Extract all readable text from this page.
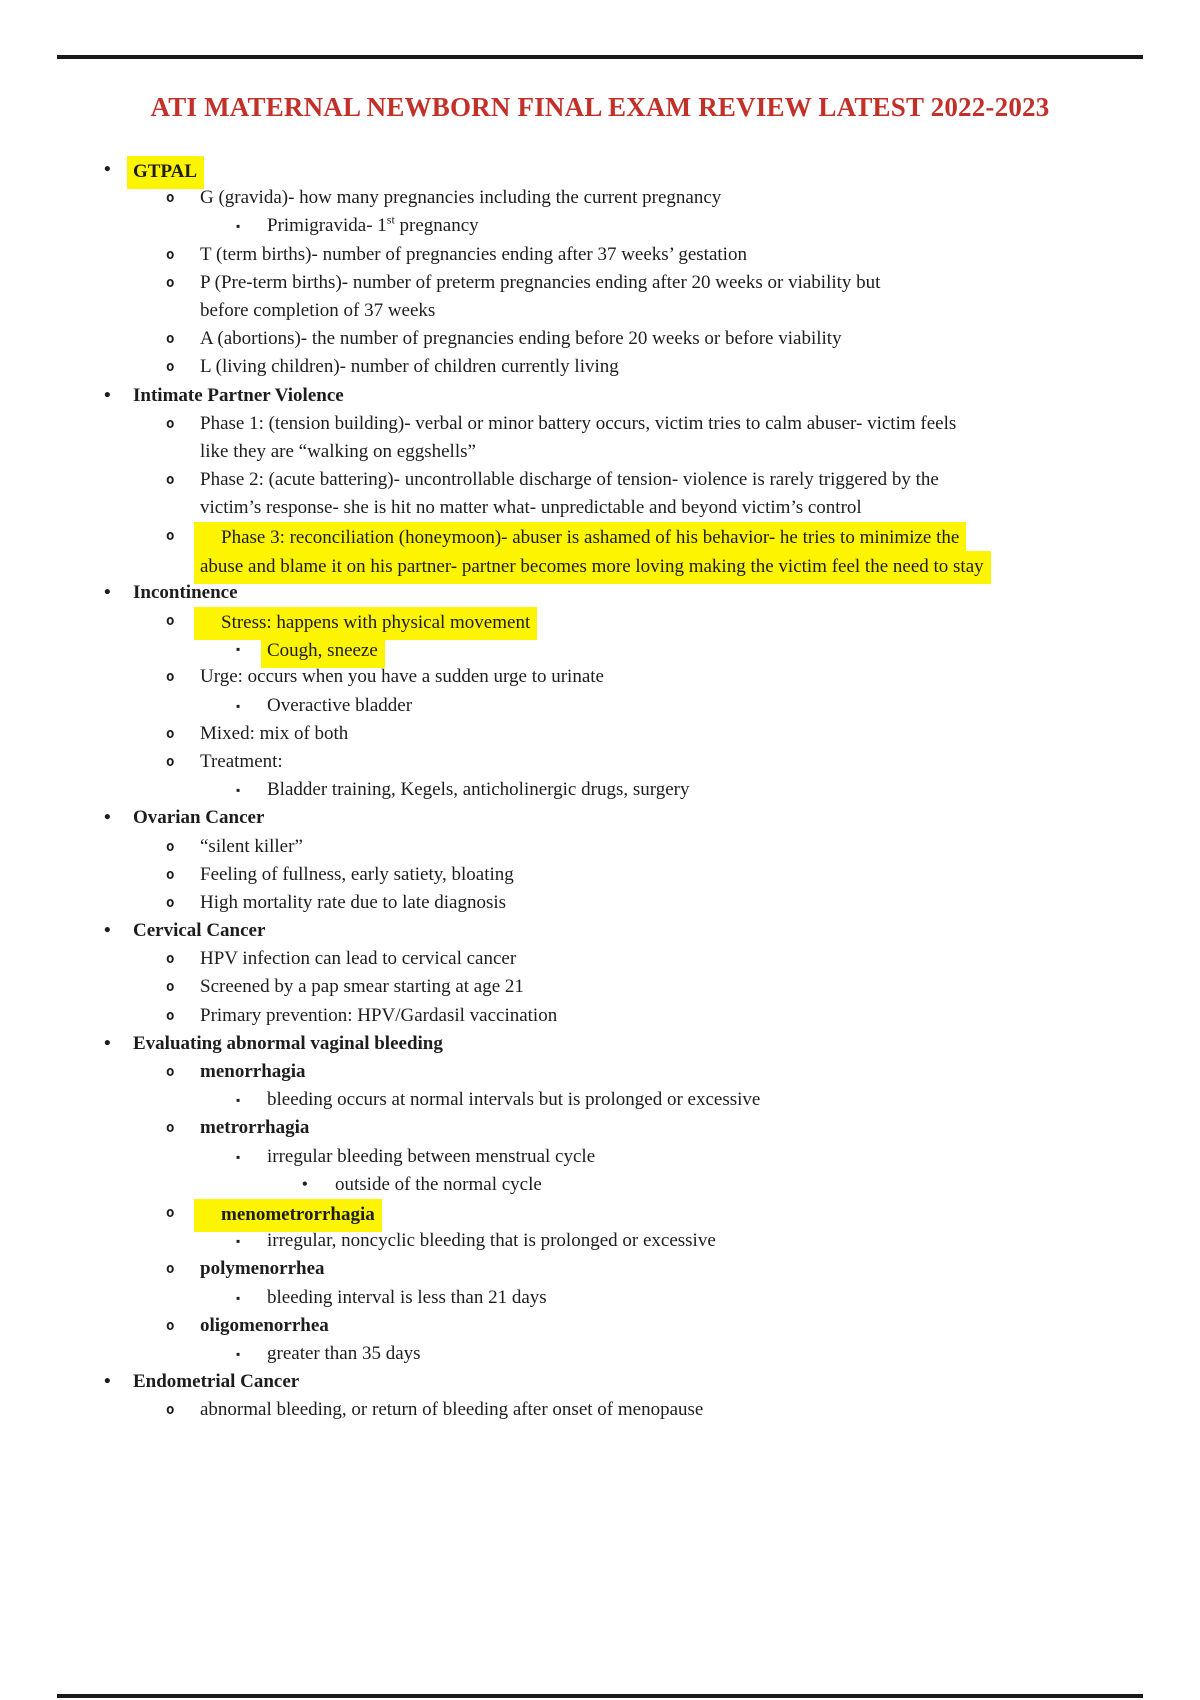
ATI MATERNAL NEWBORN FINAL EXAM REVIEW LATEST 2022-2023
•	GTPAL
o G (gravida)- how many pregnancies including the current pregnancy
▪ Primigravida- 1st pregnancy
o T (term births)- number of pregnancies ending after 37 weeks’ gestation
o P (Pre-term births)- number of preterm pregnancies ending after 20 weeks or viability but
before completion of 37 weeks
o A (abortions)- the number of pregnancies ending before 20 weeks or before viability
o L (living children)- number of children currently living
• Intimate Partner Violence
o Phase 1: (tension building)- verbal or minor battery occurs, victim tries to calm abuser- victim feels
like they are “walking on eggshells”
o Phase 2: (acute battering)- uncontrollable discharge of tension- violence is rarely triggered by the
victim’s response- she is hit no matter what- unpredictable and beyond victim’s control
o	Phase 3: reconciliation (honeymoon)- abuser is ashamed of his behavior- he tries to minimize the
abuse and blame it on his partner- partner becomes more loving making the victim feel the need to stay
• Incontinence
o	Stress: happens with physical movement
▪	Cough, sneeze
o Urge: occurs when you have a sudden urge to urinate
▪ Overactive bladder
o Mixed: mix of both
o Treatment:
▪ Bladder training, Kegels, anticholinergic drugs, surgery
• Ovarian Cancer
o “silent killer”
o Feeling of fullness, early satiety, bloating
o High mortality rate due to late diagnosis
• Cervical Cancer
o HPV infection can lead to cervical cancer
o Screened by a pap smear starting at age 21
o Primary prevention: HPV/Gardasil vaccination
• Evaluating abnormal vaginal bleeding
o menorrhagia
▪ bleeding occurs at normal intervals but is prolonged or excessive
o metrorrhagia
▪ irregular bleeding between menstrual cycle
• outside of the normal cycle
o	menometrorrhagia
▪ irregular, noncyclic bleeding that is prolonged or excessive
o polymenorrhea
▪ bleeding interval is less than 21 days
o oligomenorrhea
▪ greater than 35 days
• Endometrial Cancer
o abnormal bleeding, or return of bleeding after onset of menopause
